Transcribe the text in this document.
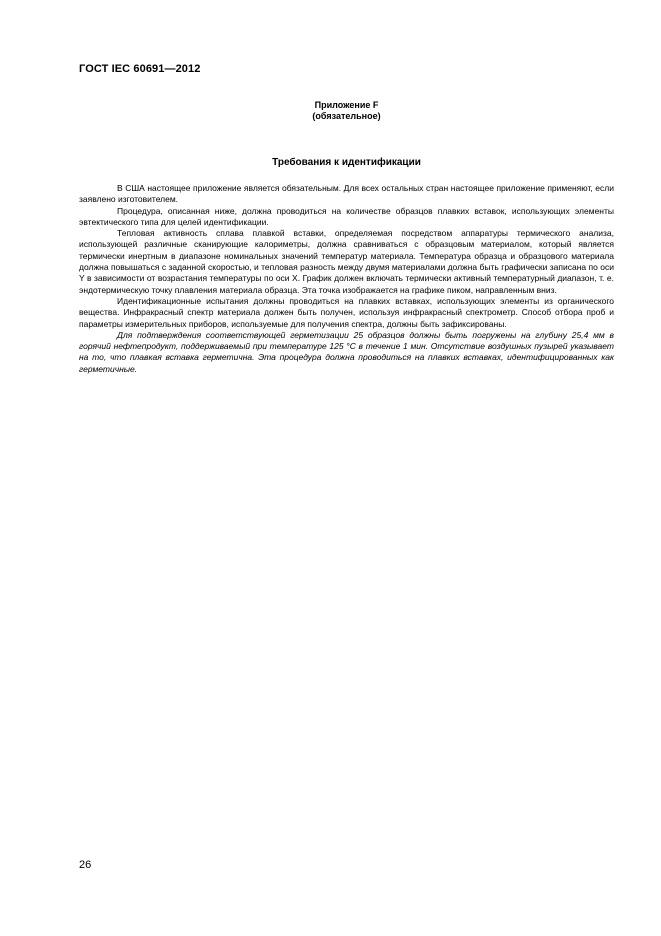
ГОСТ IEC 60691—2012
Приложение F
(обязательное)
Требования к идентификации

В США настоящее приложение является обязательным. Для всех остальных стран настоящее приложение применяют, если заявлено изготовителем.

Процедура, описанная ниже, должна проводиться на количестве образцов плавких вставок, использующих элементы эвтектического типа для целей идентификации.

Тепловая активность сплава плавкой вставки, определяемая посредством аппаратуры термического анализа, использующей различные сканирующие калориметры, должна сравниваться с образцовым материалом, который является термически инертным в диапазоне номинальных значений температур материала. Температура образца и образцового материала должна повышаться с заданной скоростью, и тепловая разность между двумя материалами должна быть графически записана по оси Y в зависимости от возрастания температуры по оси X. График должен включать термически активный температурный диапазон, т. е. эндотермическую точку плавления материала образца. Эта точка изображается на графике пиком, направленным вниз.

Идентификационные испытания должны проводиться на плавких вставках, использующих элементы из органического вещества. Инфракрасный спектр материала должен быть получен, используя инфракрасный спектрометр. Способ отбора проб и параметры измерительных приборов, используемые для получения спектра, должны быть зафиксированы.

Для подтверждения соответствующей герметизации 25 образцов должны быть погружены на глубину 25,4 мм в горячий нефтепродукт, поддерживаемый при температуре 125 °C в течение 1 мин. Отсутствие воздушных пузырей указывает на то, что плавкая вставка герметична. Эта процедура должна проводиться на плавких вставках, идентифицированных как герметичные.

26
